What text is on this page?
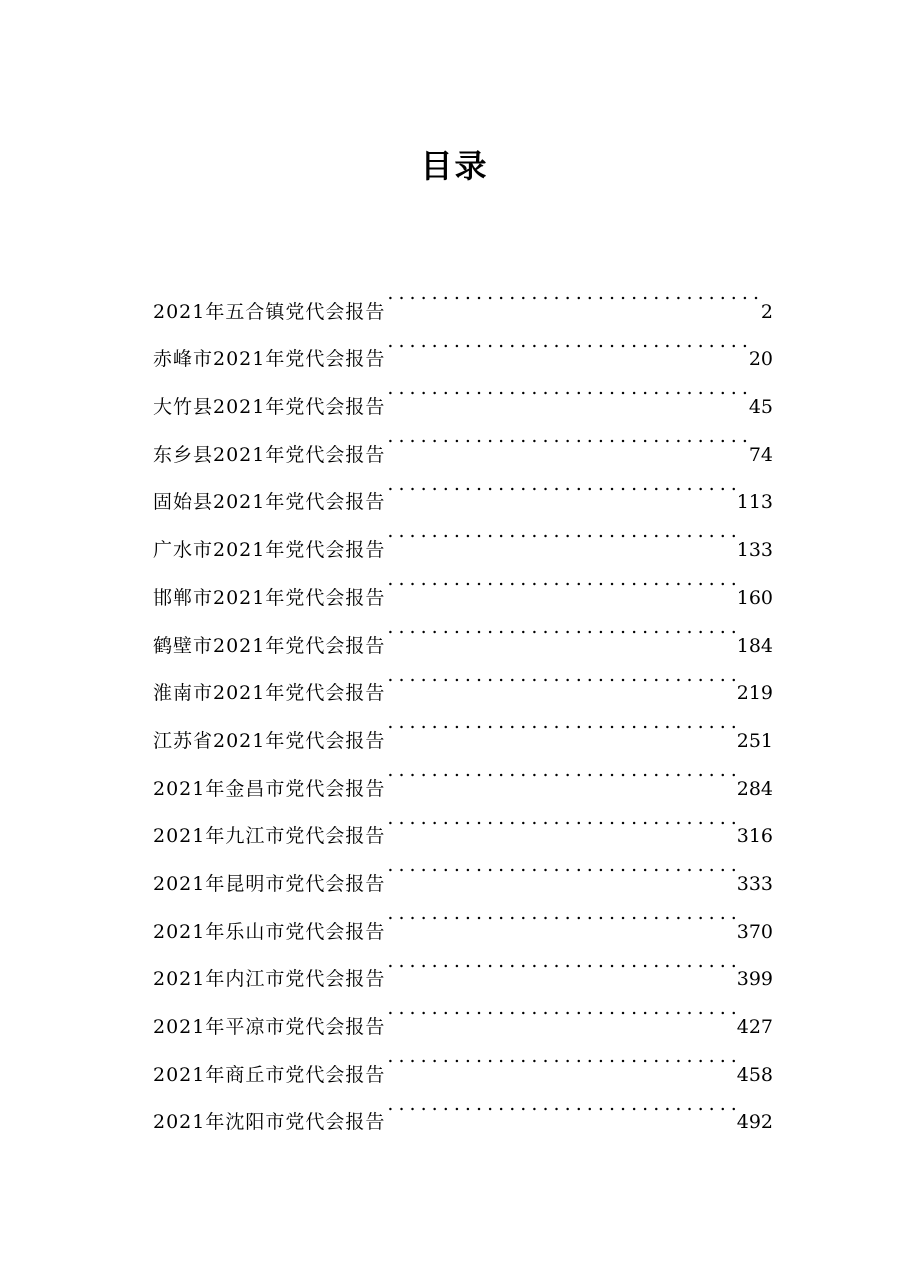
目录
2021年五合镇党代会报告 . . .	2
赤峰市2021年党代会报告 . . .	20
大竹县2021年党代会报告 . . .	45
东乡县2021年党代会报告 . . .	74
固始县2021年党代会报告 . . .	113
广水市2021年党代会报告 . . .	133
邯郸市2021年党代会报告 . . .	160
鹤壁市2021年党代会报告 . . .	184
淮南市2021年党代会报告 . . .	219
江苏省2021年党代会报告 . . .	251
2021年金昌市党代会报告 . . .	284
2021年九江市党代会报告 . . .	316
2021年昆明市党代会报告 . . .	333
2021年乐山市党代会报告 . . .	370
2021年内江市党代会报告 . . .	399
2021年平凉市党代会报告 . . .	427
2021年商丘市党代会报告 . . .	458
2021年沈阳市党代会报告 . . .	492
